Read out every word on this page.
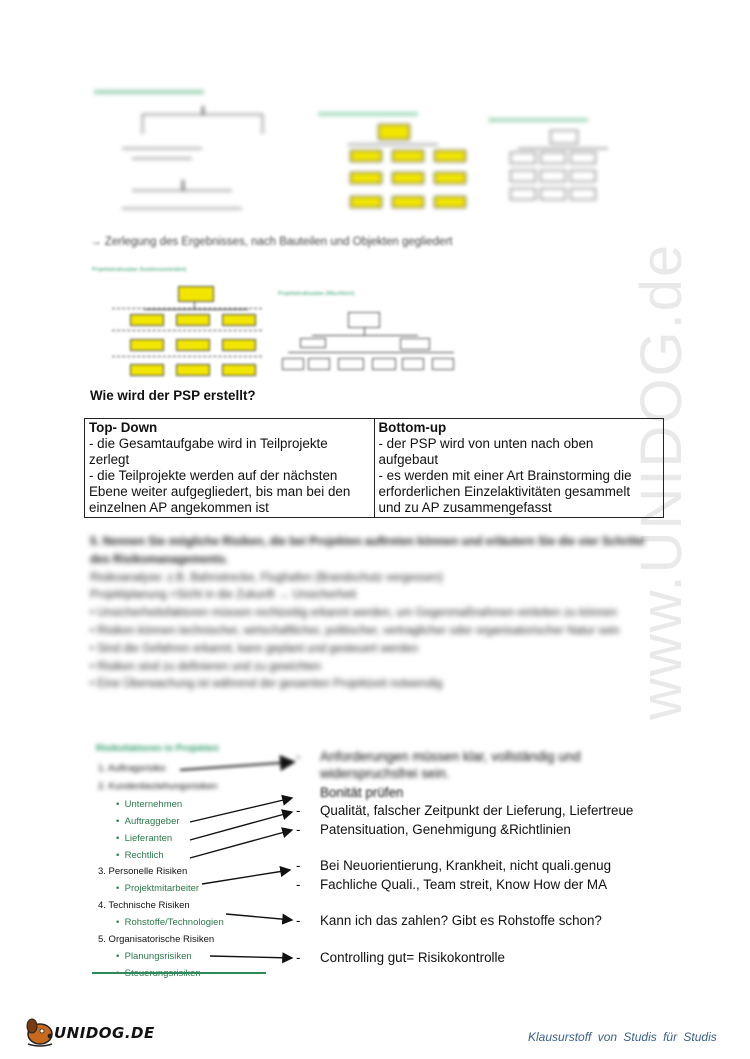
www.UNIDOG.de
→ Zerlegung des Ergebnisses, nach Bauteilen und Objekten gegliedert
Projektstrukturplan (funktionsorientiert)
Projektstrukturplan (Mischform)
Wie wird der PSP erstellt?
Top- Down
- die Gesamtaufgabe wird in Teilprojekte
zerlegt
- die Teilprojekte werden auf der nächsten
Ebene weiter aufgegliedert, bis man bei den
einzelnen AP angekommen ist

Bottom-up
- der PSP wird von unten nach oben
aufgebaut
- es werden mit einer Art Brainstorming die
erforderlichen Einzelaktivitäten gesammelt
und zu AP zusammengefasst

5. Nennen Sie mögliche Risiken, die bei Projekten auftreten können und erläutern Sie die vier Schritte des Risikomanagements.

Risikoanalyse: z.B. Bahnstrecke, Flughafen (Brandschutz vergessen)

Projektplanung =Sicht in die Zukunft → Unsicherheit

• Unsicherheitsfaktoren müssen rechtzeitig erkannt werden, um Gegenmaßnahmen einleiten zu können

• Risiken können technischer, wirtschaftlicher, politischer, vertraglicher oder organisatorischer Natur sein

• Sind die Gefahren erkannt, kann geplant und gesteuert werden

• Risiken sind zu definieren und zu gewichten

• Eine Überwachung ist während der gesamten Projektzeit notwendig

Risikofaktoren in Projekten
1. Auftragsrisiko
2. Kundenbeziehungsrisiken
•  Unternehmen
•  Auftraggeber
•  Lieferanten
•  Rechtlich
3. Personelle Risiken
•  Projektmitarbeiter
4. Technische Risiken
•  Rohstoffe/Technologien
5. Organisatorische Risiken
•  Planungsrisiken
- Anforderungen müssen klar, vollständig und widerspruchsfrei sein.
Bonität prüfen
- Qualität, falscher Zeitpunkt der Lieferung, Liefertreue
- Patensituation, Genehmigung &Richtlinien
- Bei Neuorientierung, Krankheit, nicht quali.genug
- Fachliche Quali., Team streit, Know How der MA
- Kann ich das zahlen? Gibt es Rohstoffe schon?
- Controlling gut= Risikokontrolle
UNIDOG.DE	Klausurstoff von Studis für Studis
